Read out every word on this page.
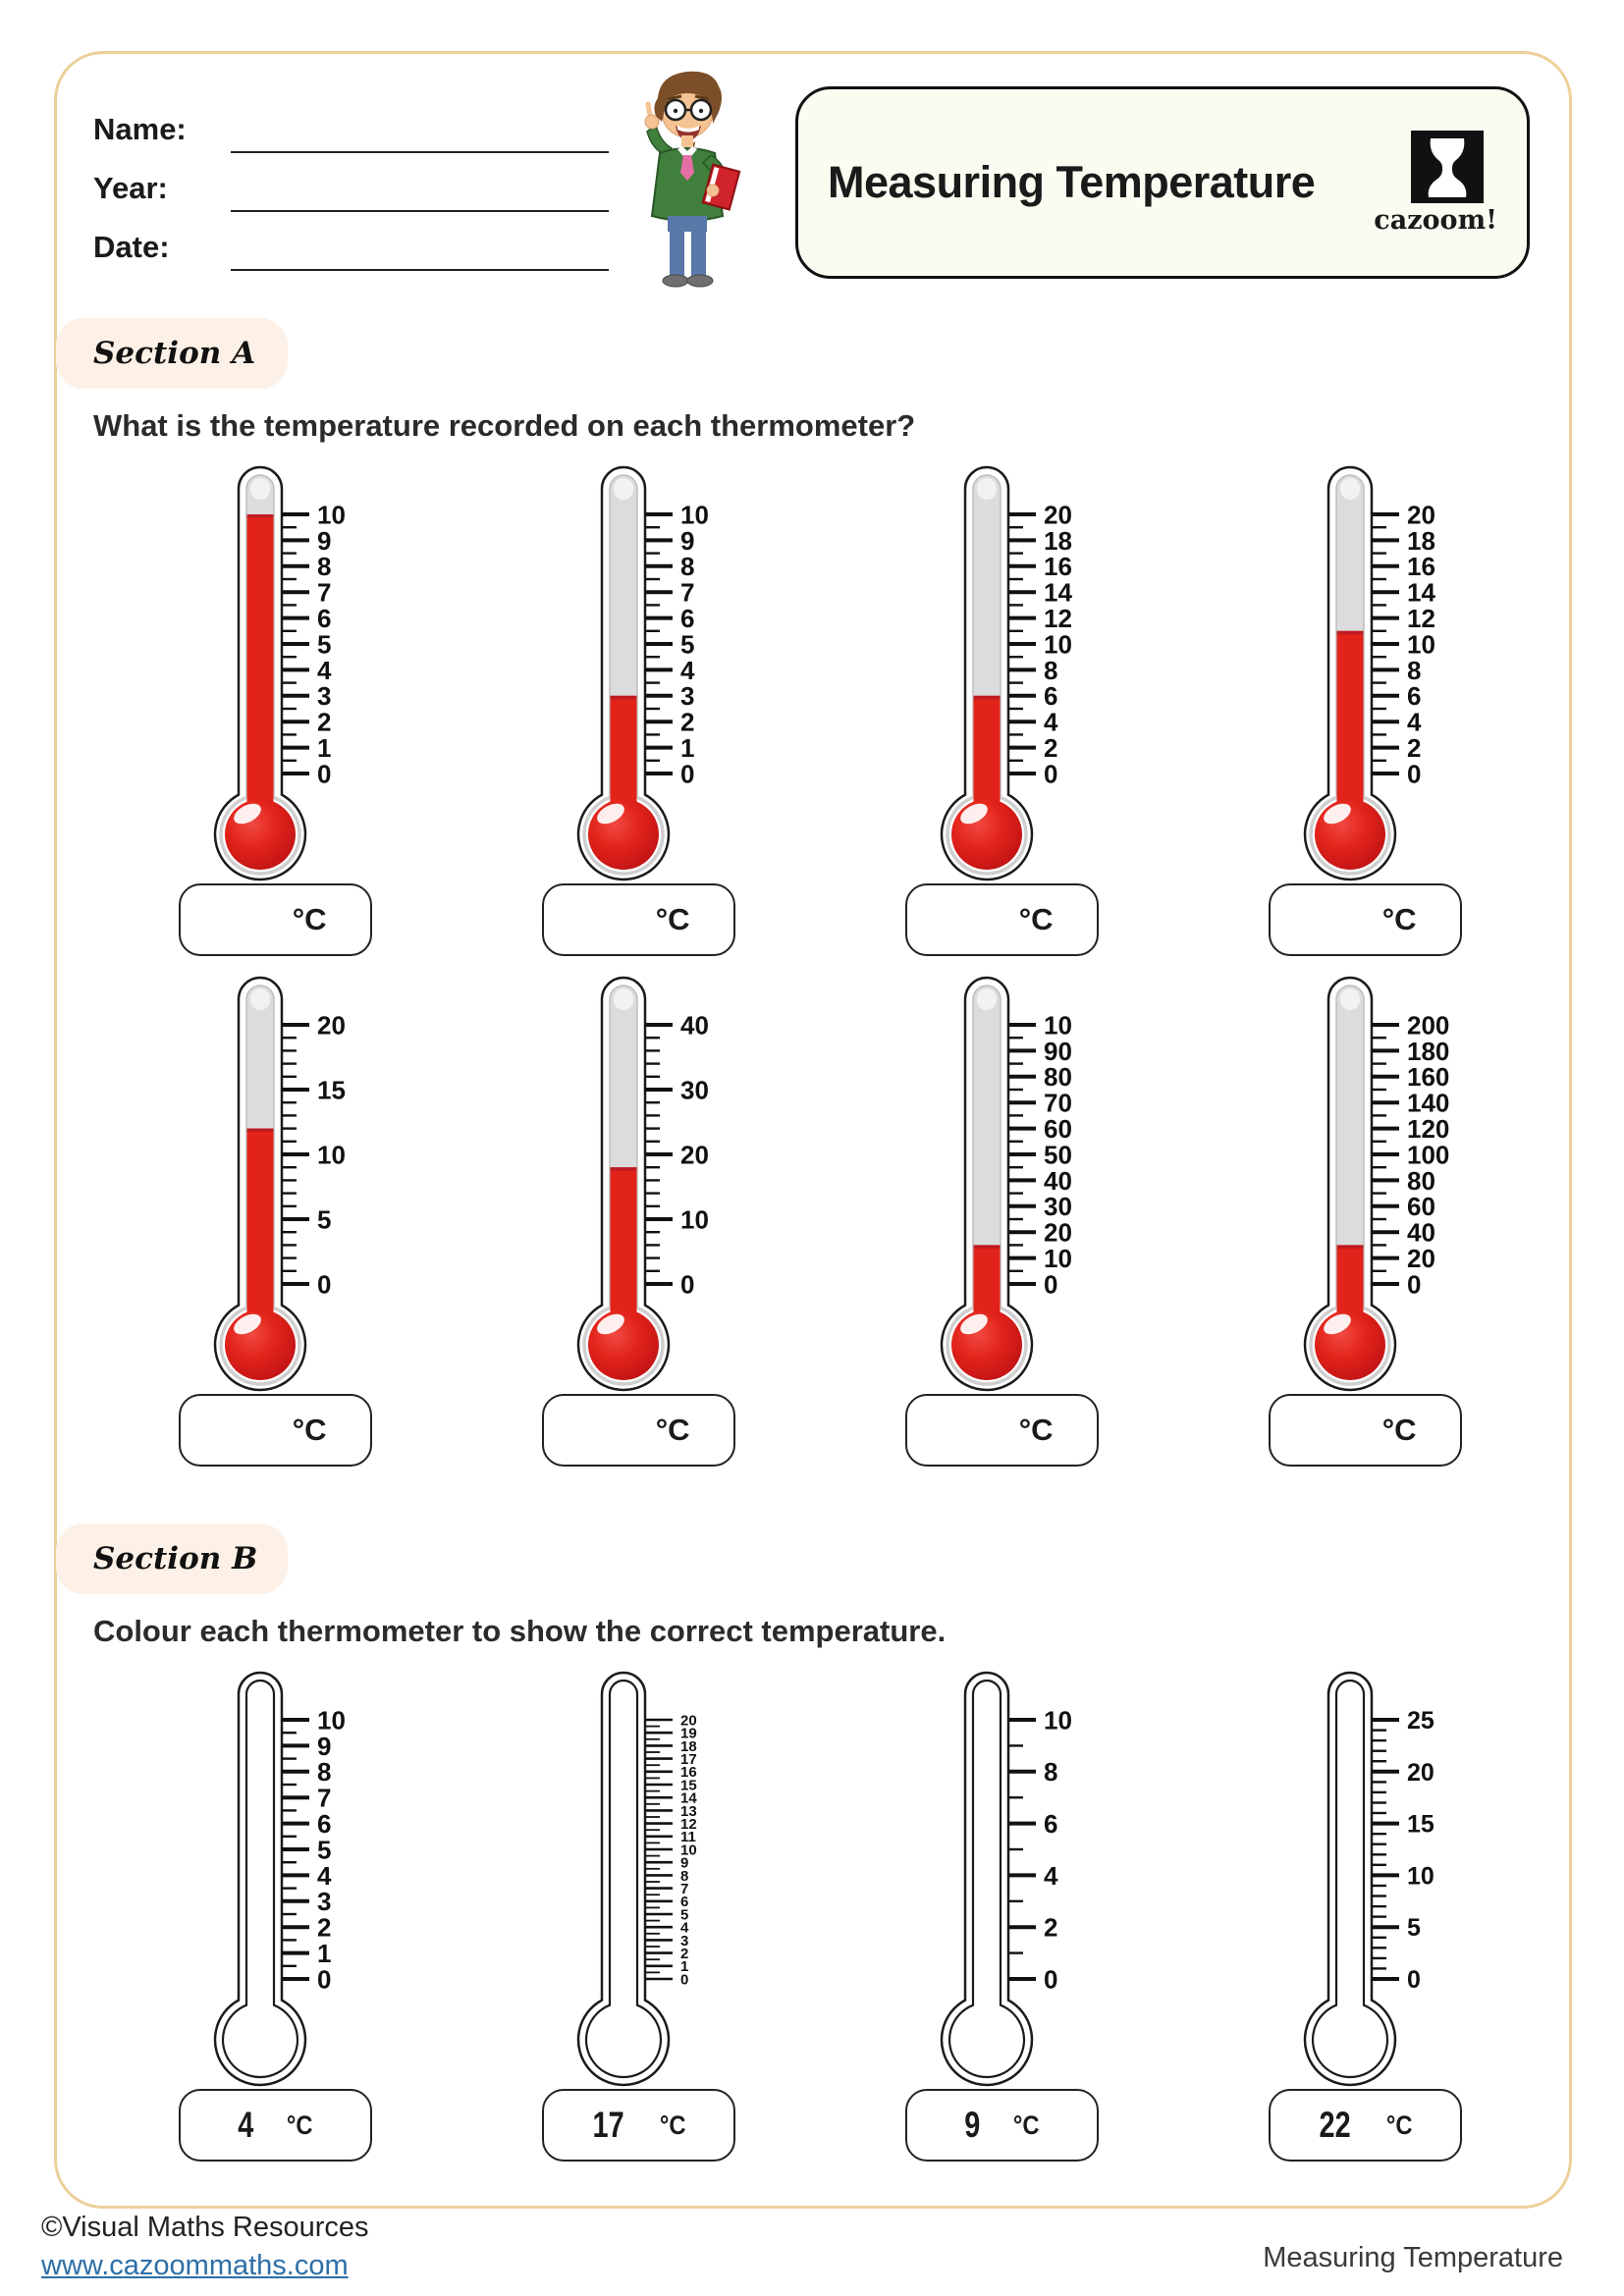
Name:
Year:
Date:
Measuring Temperature
cazoom!
Section A
What is the temperature recorded on each thermometer?
0
1
2
3
4
5
6
7
8
9
10
°C
0
1
2
3
4
5
6
7
8
9
10
°C
0
2
4
6
8
10
12
14
16
18
20
°C
0
2
4
6
8
10
12
14
16
18
20
°C
0
5
10
15
20
°C
0
10
20
30
40
°C
0
10
20
30
40
50
60
70
80
90
10
°C
0
20
40
60
80
100
120
140
160
180
200
°C
Section B
Colour each thermometer to show the correct temperature.
0
1
2
3
4
5
6
7
8
9
10
4 °C
0
1
2
3
4
5
6
7
8
9
10
11
12
13
14
15
16
17
18
19
20
17 °C
0
2
4
6
8
10
9 °C
0
5
10
15
20
25
22 °C
©Visual Maths Resources
www.cazoommaths.com	Measuring Temperature
